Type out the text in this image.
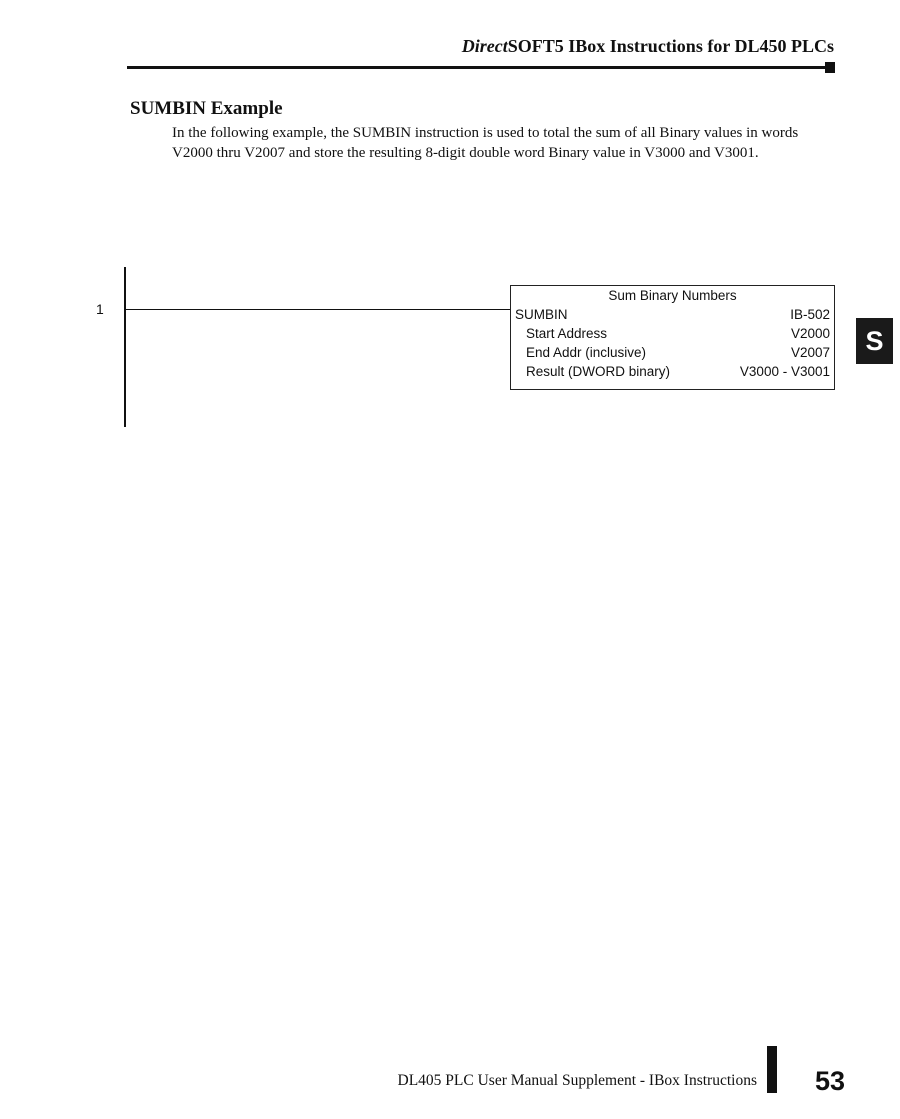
DirectSOFT5 IBox Instructions for DL450 PLCs
SUMBIN Example
In the following example, the SUMBIN instruction is used to total the sum of all Binary values in words V2000 thru V2007 and store the resulting 8-digit double word Binary value in V3000 and V3001.
1
Sum Binary Numbers
SUMBIN	IB-502
Start Address	V2000
End Addr (inclusive)	V2007
Result (DWORD binary)	V3000 - V3001
S
DL405 PLC User Manual Supplement - IBox Instructions 53
